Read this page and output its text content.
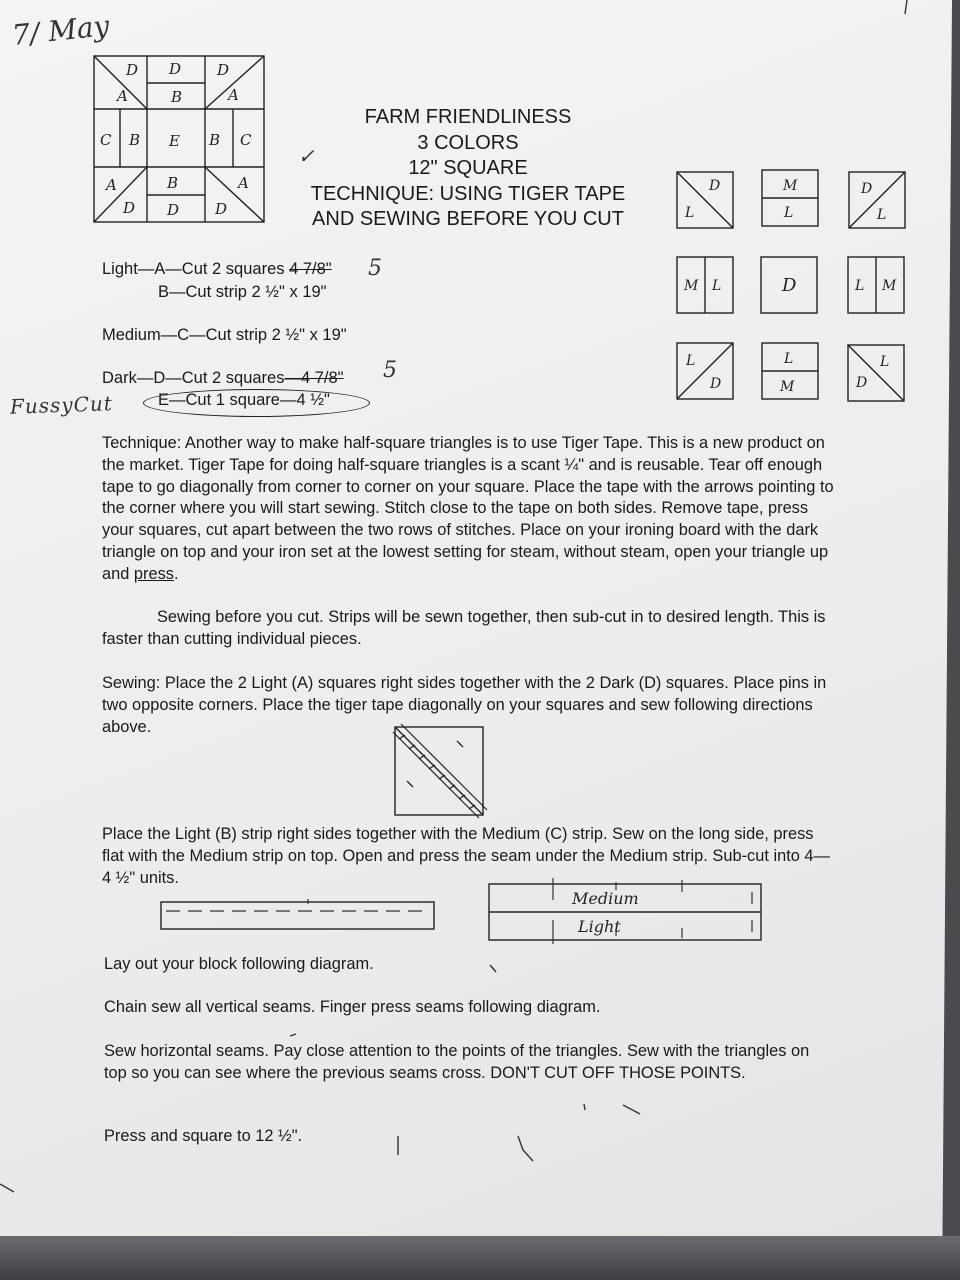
7/ May
D
A
D
B
D
A
C B E B C
A
D
B
D
A
D
✓
FARM FRIENDLINESS
3 COLORS
12" SQUARE
TECHNIQUE: USING TIGER TAPE
AND SEWING BEFORE YOU CUT
D
L
M
L
D
L
M L	D	L M
L
D
L
M
L
D
Light—A—Cut 2 squares 4 7/8" 5
B—Cut strip 2 ½" x 19"
Medium—C—Cut strip 2 ½" x 19"
Dark—D—Cut 2 squares—4 7/8" 5
FussyCut	E—Cut 1 square—4 ½"

Technique: Another way to make half-square triangles is to use Tiger Tape. This is a new product on the market. Tiger Tape for doing half-square triangles is a scant ¼" and is reusable. Tear off enough tape to go diagonally from corner to corner on your square. Place the tape with the arrows pointing to the corner where you will start sewing. Stitch close to the tape on both sides. Remove tape, press your squares, cut apart between the two rows of stitches. Place on your ironing board with the dark triangle on top and your iron set at the lowest setting for steam, without steam, open your triangle up and press.

Sewing before you cut. Strips will be sewn together, then sub-cut in to desired length. This is faster than cutting individual pieces.

Sewing: Place the 2 Light (A) squares right sides together with the 2 Dark (D) squares. Place pins in two opposite corners. Place the tiger tape diagonally on your squares and sew following directions above.

Place the Light (B) strip right sides together with the Medium (C) strip. Sew on the long side, press flat with the Medium strip on top. Open and press the seam under the Medium strip. Sub-cut into 4—4 ½" units.

Medium
Light

Lay out your block following diagram.

Chain sew all vertical seams. Finger press seams following diagram.

Sew horizontal seams. Pay close attention to the points of the triangles. Sew with the triangles on top so you can see where the previous seams cross. DON'T CUT OFF THOSE POINTS.

Press and square to 12 ½".
